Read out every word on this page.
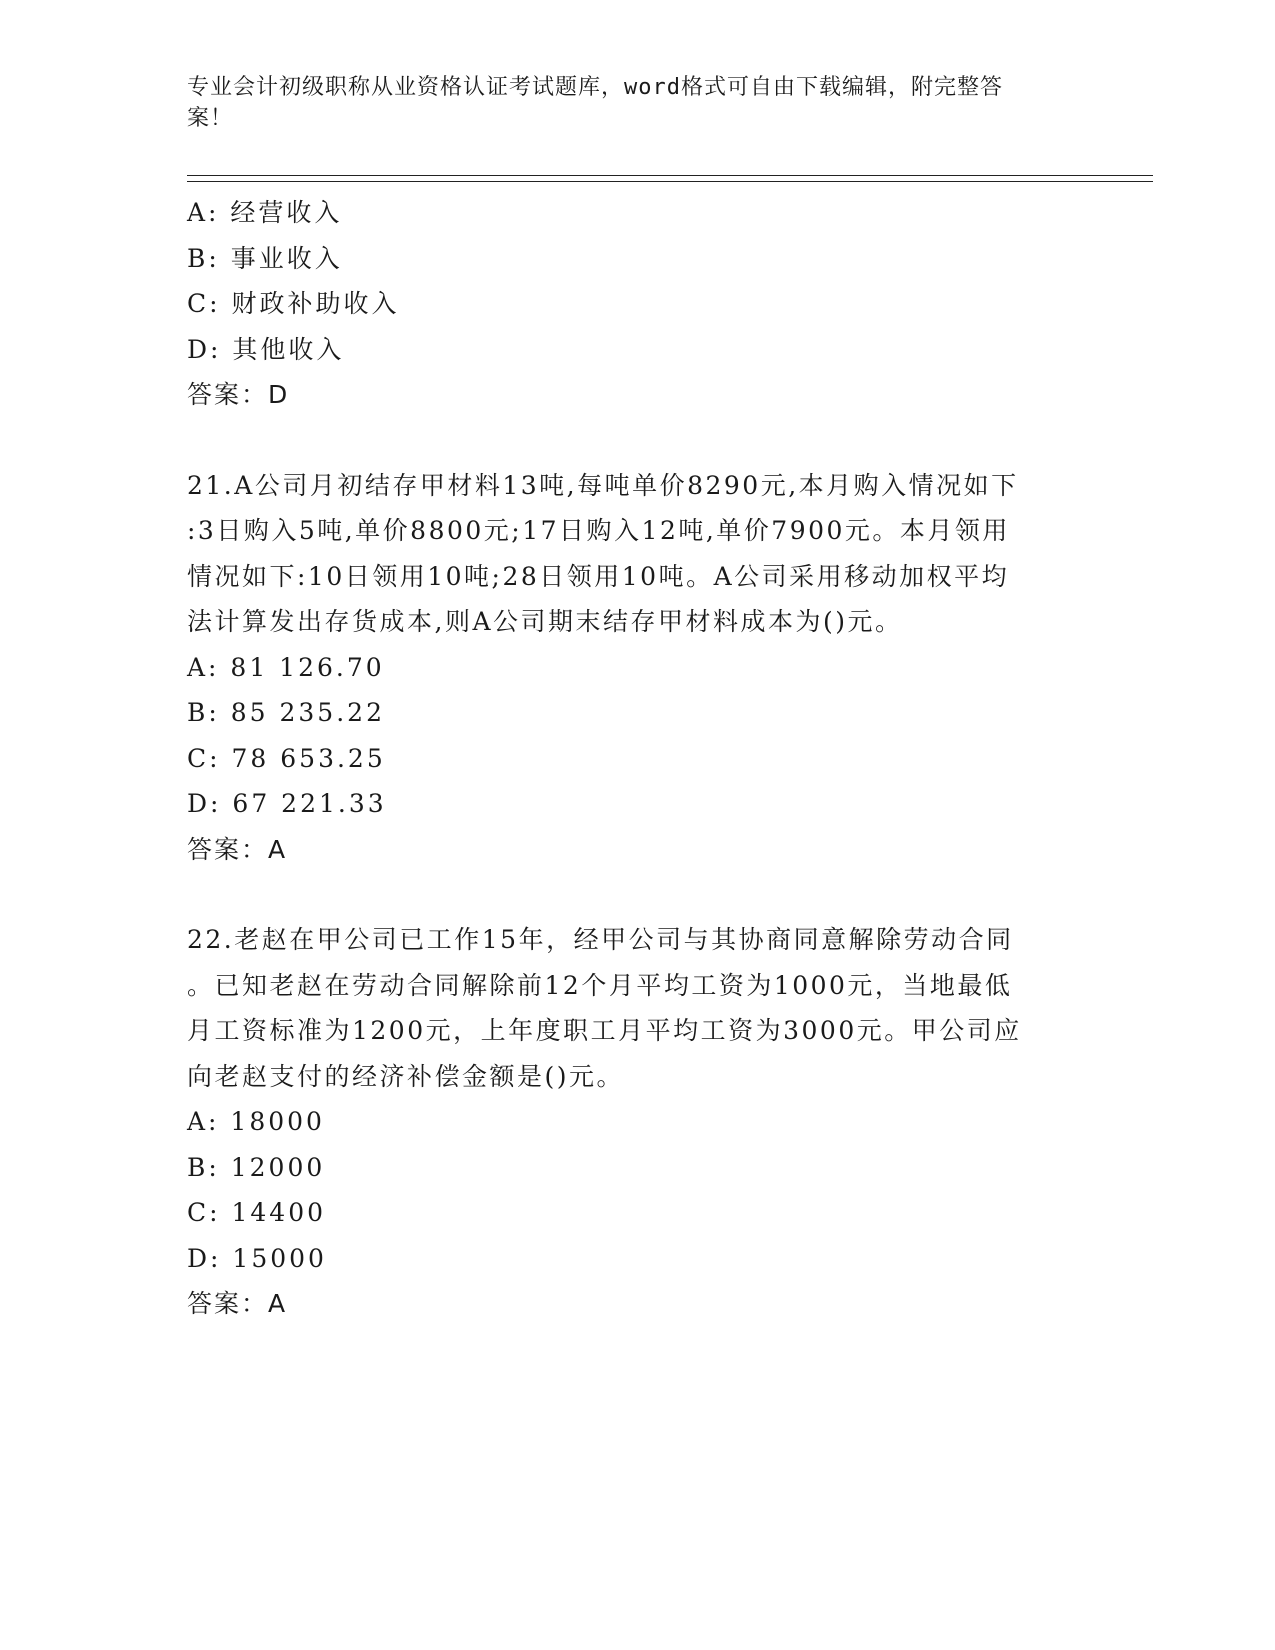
专业会计初级职称从业资格认证考试题库，word格式可自由下载编辑，附完整答
案！
A: 经营收入
B: 事业收入
C: 财政补助收入
D: 其他收入
答案：D
21.A公司月初结存甲材料13吨,每吨单价8290元,本月购入情况如下
:3日购入5吨,单价8800元;17日购入12吨,单价7900元。本月领用
情况如下:10日领用10吨;28日领用10吨。A公司采用移动加权平均
法计算发出存货成本,则A公司期末结存甲材料成本为()元。
A: 81 126.70
B: 85 235.22
C: 78 653.25
D: 67 221.33
答案：A
22.老赵在甲公司已工作15年，经甲公司与其协商同意解除劳动合同
。已知老赵在劳动合同解除前12个月平均工资为1000元，当地最低
月工资标准为1200元，上年度职工月平均工资为3000元。甲公司应
向老赵支付的经济补偿金额是()元。
A: 18000
B: 12000
C: 14400
D: 15000
答案：A
